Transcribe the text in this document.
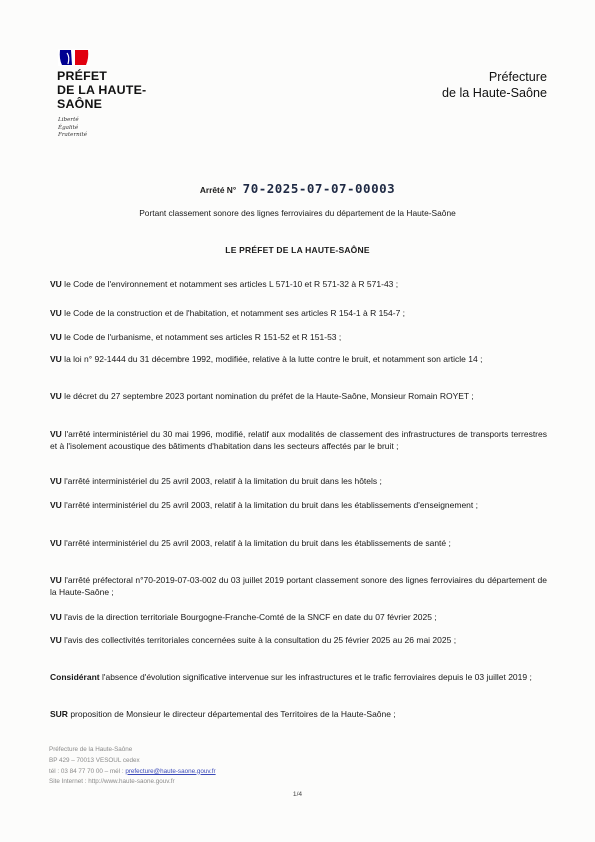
PRÉFET
DE LA HAUTE-
SAÔNE
Liberté
Égalité
Fraternité
Préfecture
de la Haute-Saône
Arrêté N° 70-2025-07-07-00003
Portant classement sonore des lignes ferroviaires du département de la Haute-Saône
LE PRÉFET DE LA HAUTE-SAÔNE
VU le Code de l'environnement et notamment ses articles L 571-10 et R 571-32 à R 571-43 ;
VU le Code de la construction et de l'habitation, et notamment ses articles R 154-1 à R 154-7 ;
VU le Code de l'urbanisme, et notamment ses articles R 151-52 et R 151-53 ;
VU la loi n° 92-1444 du 31 décembre 1992, modifiée, relative à la lutte contre le bruit, et notamment son article 14 ;
VU le décret du 27 septembre 2023 portant nomination du préfet de la Haute-Saône, Monsieur Romain ROYET ;
VU l'arrêté interministériel du 30 mai 1996, modifié, relatif aux modalités de classement des infrastructures de transports terrestres et à l'isolement acoustique des bâtiments d'habitation dans les secteurs affectés par le bruit ;
VU l'arrêté interministériel du 25 avril 2003, relatif à la limitation du bruit dans les hôtels ;
VU l'arrêté interministériel du 25 avril 2003, relatif à la limitation du bruit dans les établissements d'enseignement ;
VU l'arrêté interministériel du 25 avril 2003, relatif à la limitation du bruit dans les établissements de santé ;
VU l'arrêté préfectoral n°70-2019-07-03-002 du 03 juillet 2019 portant classement sonore des lignes ferroviaires du département de la Haute-Saône ;
VU l'avis de la direction territoriale Bourgogne-Franche-Comté de la SNCF en date du 07 février 2025 ;
VU l'avis des collectivités territoriales concernées suite à la consultation du 25 février 2025 au 26 mai 2025 ;
Considérant l'absence d'évolution significative intervenue sur les infrastructures et le trafic ferroviaires depuis le 03 juillet 2019 ;
SUR proposition de Monsieur le directeur départemental des Territoires de la Haute-Saône ;
Préfecture de la Haute-Saône
BP 429 – 70013 VESOUL cedex
tél : 03 84 77 70 00 – mél : prefecture@haute-saone.gouv.fr
Site Internet : http://www.haute-saone.gouv.fr
1/4
